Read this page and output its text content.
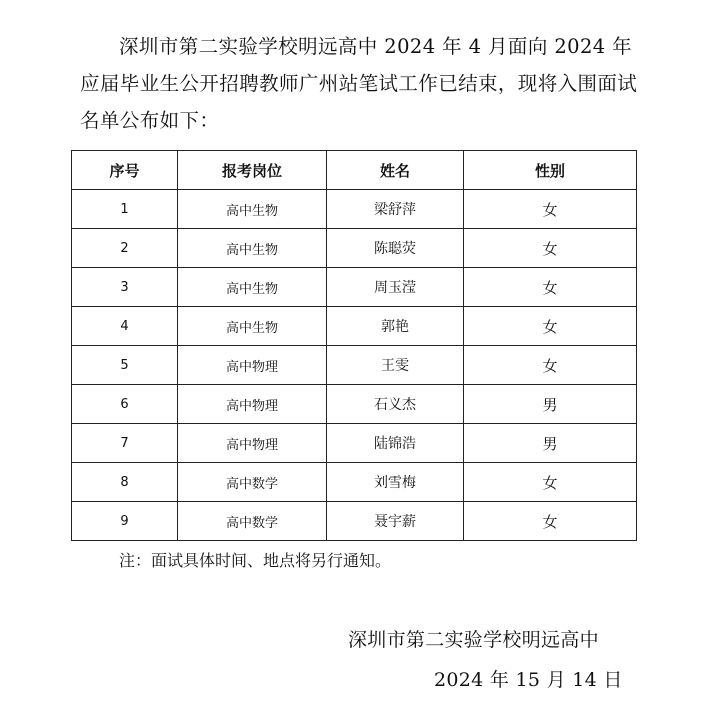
深圳市第二实验学校明远高中 2024 年 4 月面向 2024 年应届毕业生公开招聘教师广州站笔试工作已结束，现将入围面试名单公布如下：

序号	报考岗位	姓名	性别
1	高中生物	梁舒萍	女
2	高中生物	陈聪荧	女
3	高中生物	周玉滢	女
4	高中生物	郭艳	女
5	高中物理	王雯	女
6	高中物理	石义杰	男
7	高中物理	陆锦浩	男
8	高中数学	刘雪梅	女
9	高中数学	聂宇薪	女

注：面试具体时间、地点将另行通知。

深圳市第二实验学校明远高中

2024 年 15 月 14 日
